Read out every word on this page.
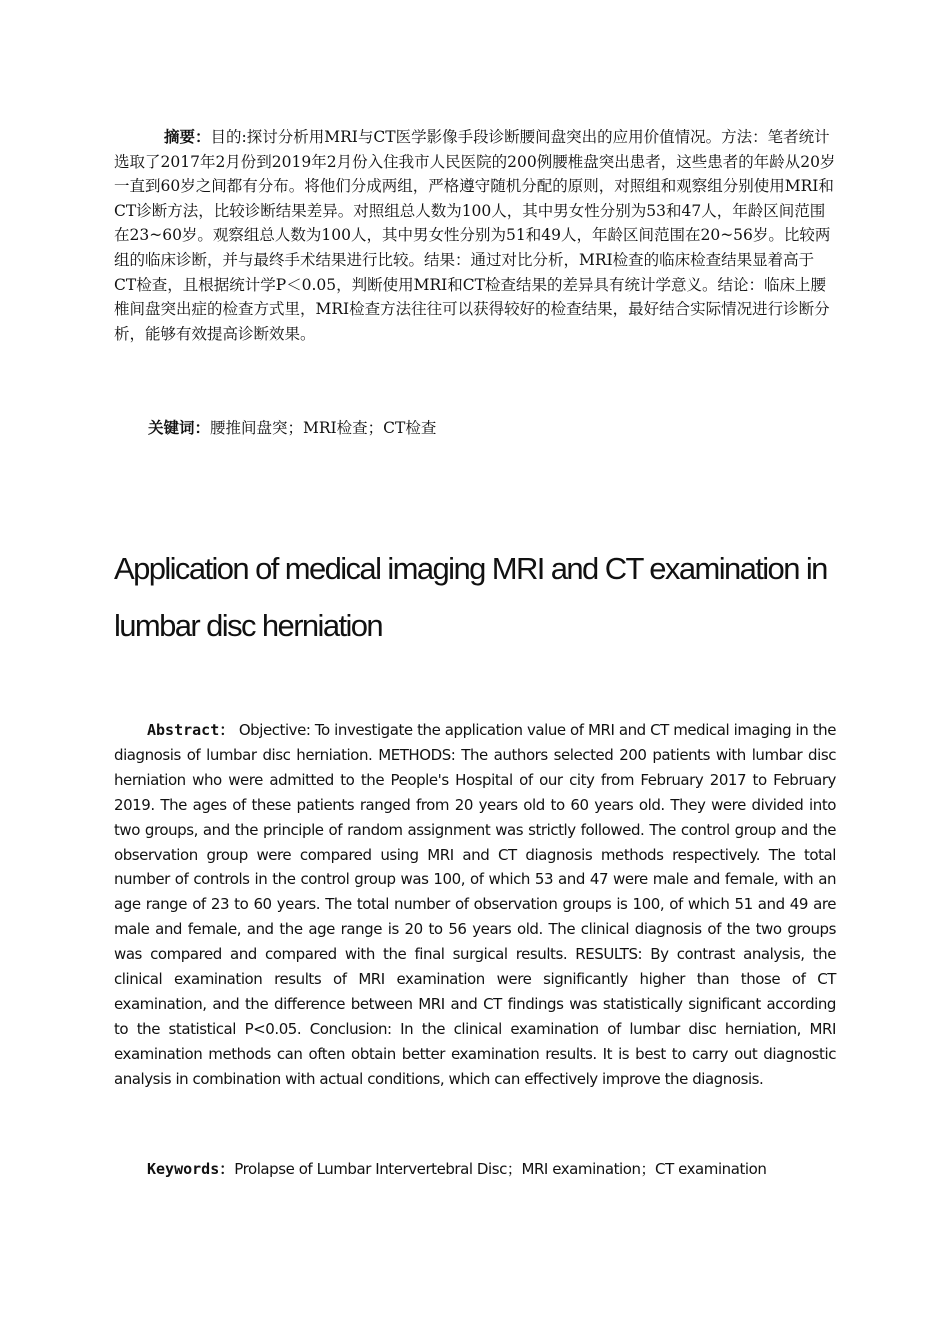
摘要：目的:探讨分析用MRI与CT医学影像手段诊断腰间盘突出的应用价值情况。方法：笔者统计选取了2017年2月份到2019年2月份入住我市人民医院的200例腰椎盘突出患者，这些患者的年龄从20岁一直到60岁之间都有分布。将他们分成两组，严格遵守随机分配的原则，对照组和观察组分别使用MRI和CT诊断方法，比较诊断结果差异。对照组总人数为100人，其中男女性分别为53和47人，年龄区间范围在23~60岁。观察组总人数为100人，其中男女性分别为51和49人，年龄区间范围在20~56岁。比较两组的临床诊断，并与最终手术结果进行比较。结果：通过对比分析，MRI检查的临床检查结果显着高于CT检查，且根据统计学P＜0.05，判断使用MRI和CT检查结果的差异具有统计学意义。结论：临床上腰椎间盘突出症的检查方式里，MRI检查方法往往可以获得较好的检查结果，最好结合实际情况进行诊断分析，能够有效提高诊断效果。

关键词：腰推间盘突；MRI检查；CT检查

Application of medical imaging MRI and CT examination in lumbar disc herniation

Abstract： Objective: To investigate the application value of MRI and CT medical imaging in the diagnosis of lumbar disc herniation. METHODS: The authors selected 200 patients with lumbar disc herniation who were admitted to the People's Hospital of our city from February 2017 to February 2019. The ages of these patients ranged from 20 years old to 60 years old. They were divided into two groups, and the principle of random assignment was strictly followed. The control group and the observation group were compared using MRI and CT diagnosis methods respectively. The total number of controls in the control group was 100, of which 53 and 47 were male and female, with an age range of 23 to 60 years. The total number of observation groups is 100, of which 51 and 49 are male and female, and the age range is 20 to 56 years old. The clinical diagnosis of the two groups was compared and compared with the final surgical results. RESULTS: By contrast analysis, the clinical examination results of MRI examination were significantly higher than those of CT examination, and the difference between MRI and CT findings was statistically significant according to the statistical P<0.05. Conclusion: In the clinical examination of lumbar disc herniation, MRI examination methods can often obtain better examination results. It is best to carry out diagnostic analysis in combination with actual conditions, which can effectively improve the diagnosis.

Keywords：Prolapse of Lumbar Intervertebral Disc；MRI examination；CT examination
